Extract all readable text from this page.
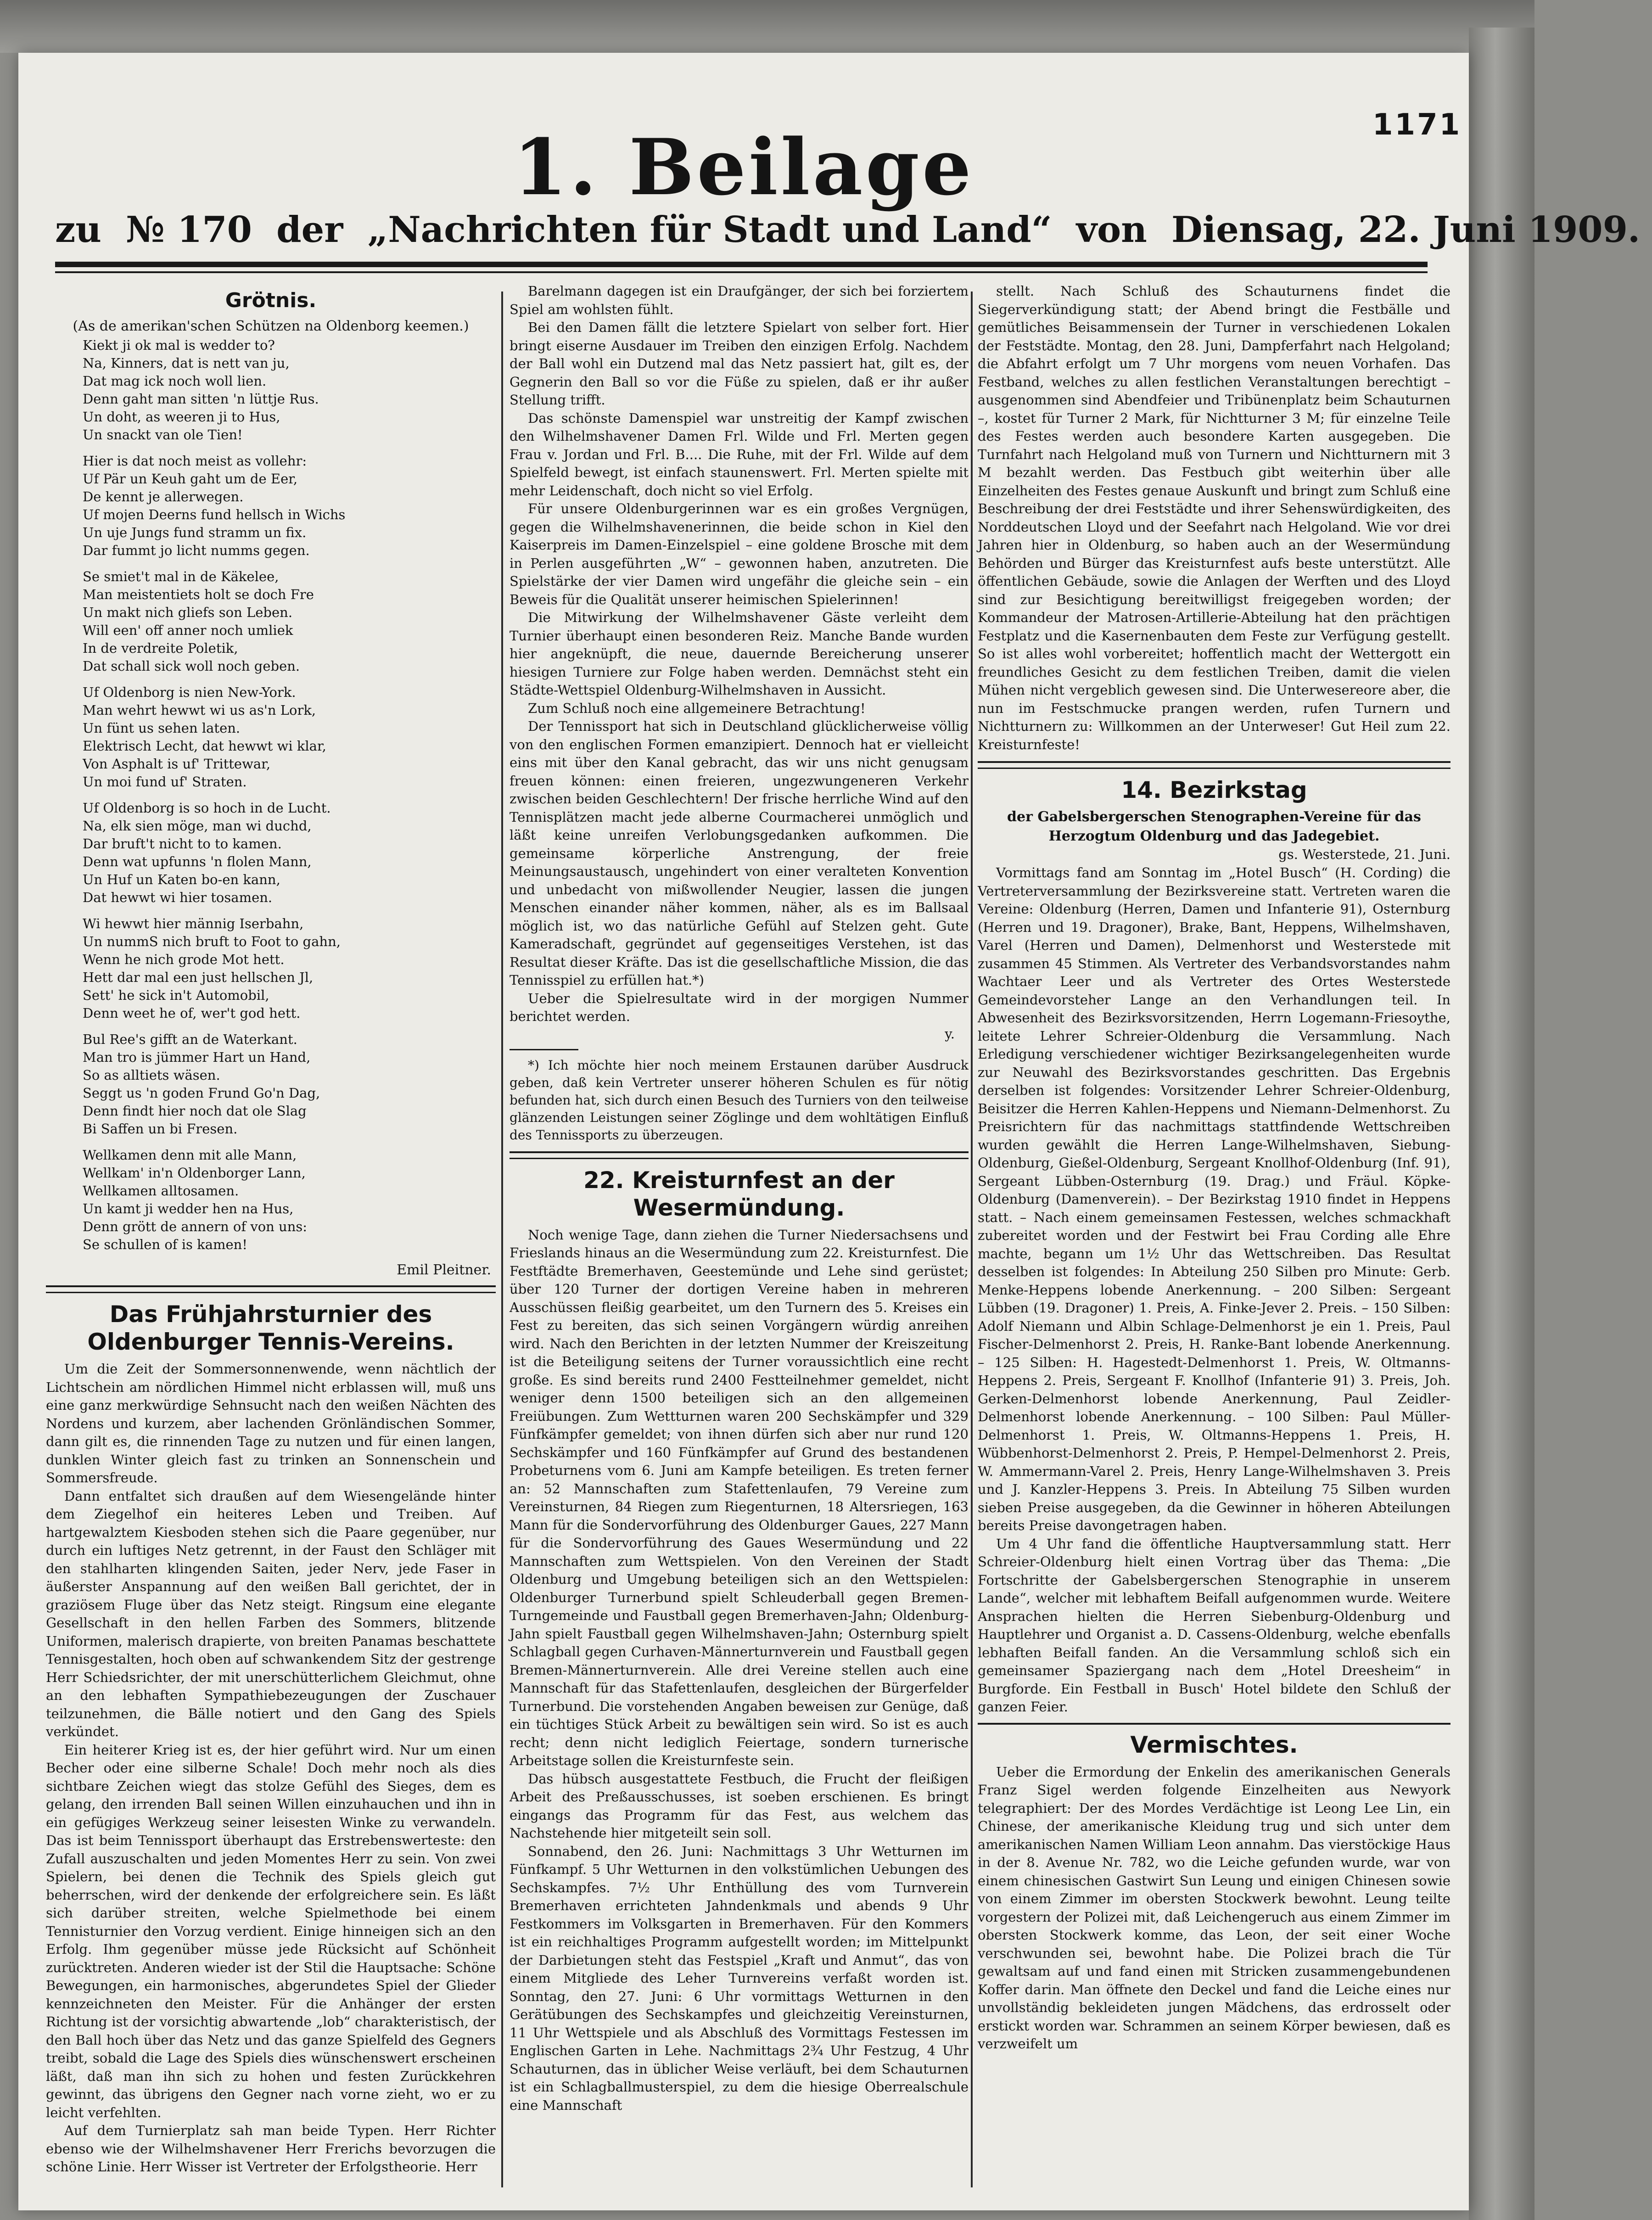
1171
1. Beilage
zu № 170 der „Nachrichten für Stadt und Land“ von Diensag, 22. Juni 1909.
Grötnis.
(As de amerikan'schen Schützen na Oldenborg keemen.)

Kiekt ji ok mal is wedder to?

Na, Kinners, dat is nett van ju,

Dat mag ick noch woll lien.

Denn gaht man sitten 'n lüttje Rus.

Un doht, as weeren ji to Hus,

Un snackt van ole Tien!

Hier is dat noch meist as vollehr:

Uf Pär un Keuh gaht um de Eer,

De kennt je allerwegen.

Uf mojen Deerns fund hellsch in Wichs

Un uje Jungs fund stramm un fix.

Dar fummt jo licht numms gegen.

Se smiet't mal in de Käkelee,

Man meistentiets holt se doch Fre

Un makt nich gliefs son Leben.

Will een' off anner noch umliek

In de verdreite Poletik,

Dat schall sick woll noch geben.

Uf Oldenborg is nien New-York.

Man wehrt hewwt wi us as'n Lork,

Un fünt us sehen laten.

Elektrisch Lecht, dat hewwt wi klar,

Von Asphalt is uf' Trittewar,

Un moi fund uf' Straten.

Uf Oldenborg is so hoch in de Lucht.

Na, elk sien möge, man wi duchd,

Dar bruft't nicht to to kamen.

Denn wat upfunns 'n flolen Mann,

Un Huf un Katen bo-en kann,

Dat hewwt wi hier tosamen.

Wi hewwt hier männig Iserbahn,

Un nummS nich bruft to Foot to gahn,

Wenn he nich grode Mot hett.

Hett dar mal een just hellschen Jl,

Sett' he sick in't Automobil,

Denn weet he of, wer't god hett.

Bul Ree's gifft an de Waterkant.

Man tro is jümmer Hart un Hand,

So as alltiets wäsen.

Seggt us 'n goden Frund Go'n Dag,

Denn findt hier noch dat ole Slag

Bi Saffen un bi Fresen.

Wellkamen denn mit alle Mann,

Wellkam' in'n Oldenborger Lann,

Wellkamen alltosamen.

Un kamt ji wedder hen na Hus,

Denn grött de annern of von uns:

Se schullen of is kamen!

Emil Pleitner.
Das Frühjahrsturnier des Oldenburger Tennis-Vereins.

Um die Zeit der Sommersonnenwende, wenn nächtlich der Lichtschein am nördlichen Himmel nicht erblassen will, muß uns eine ganz merkwürdige Sehnsucht nach den weißen Nächten des Nordens und kurzem, aber lachenden Grönländischen Sommer, dann gilt es, die rinnenden Tage zu nutzen und für einen langen, dunklen Winter gleich fast zu trinken an Sonnenschein und Sommersfreude.

Dann entfaltet sich draußen auf dem Wiesengelände hinter dem Ziegelhof ein heiteres Leben und Treiben. Auf hartgewalztem Kiesboden stehen sich die Paare gegenüber, nur durch ein luftiges Netz getrennt, in der Faust den Schläger mit den stahlharten klingenden Saiten, jeder Nerv, jede Faser in äußerster Anspannung auf den weißen Ball gerichtet, der in graziösem Fluge über das Netz steigt. Ringsum eine elegante Gesellschaft in den hellen Farben des Sommers, blitzende Uniformen, malerisch drapierte, von breiten Panamas beschattete Tennisgestalten, hoch oben auf schwankendem Sitz der gestrenge Herr Schiedsrichter, der mit unerschütterlichem Gleichmut, ohne an den lebhaften Sympathiebezeugungen der Zuschauer teilzunehmen, die Bälle notiert und den Gang des Spiels verkündet.

Ein heiterer Krieg ist es, der hier geführt wird. Nur um einen Becher oder eine silberne Schale! Doch mehr noch als dies sichtbare Zeichen wiegt das stolze Gefühl des Sieges, dem es gelang, den irrenden Ball seinen Willen einzuhauchen und ihn in ein gefügiges Werkzeug seiner leisesten Winke zu verwandeln. Das ist beim Tennissport überhaupt das Erstrebenswerteste: den Zufall auszuschalten und jeden Momentes Herr zu sein. Von zwei Spielern, bei denen die Technik des Spiels gleich gut beherrschen, wird der denkende der erfolgreichere sein. Es läßt sich darüber streiten, welche Spielmethode bei einem Tennisturnier den Vorzug verdient. Einige hinneigen sich an den Erfolg. Ihm gegenüber müsse jede Rücksicht auf Schönheit zurücktreten. Anderen wieder ist der Stil die Hauptsache: Schöne Bewegungen, ein harmonisches, abgerundetes Spiel der Glieder kennzeichneten den Meister. Für die Anhänger der ersten Richtung ist der vorsichtig abwartende „lob“ charakteristisch, der den Ball hoch über das Netz und das ganze Spielfeld des Gegners treibt, sobald die Lage des Spiels dies wünschenswert erscheinen läßt, daß man ihn sich zu hohen und festen Zurückkehren gewinnt, das übrigens den Gegner nach vorne zieht, wo er zu leicht verfehlten.

Auf dem Turnierplatz sah man beide Typen. Herr Richter ebenso wie der Wilhelmshavener Herr Frerichs bevorzugen die schöne Linie. Herr Wisser ist Vertreter der Erfolgstheorie. Herr

Barelmann dagegen ist ein Draufgänger, der sich bei forziertem Spiel am wohlsten fühlt.

Bei den Damen fällt die letztere Spielart von selber fort. Hier bringt eiserne Ausdauer im Treiben den einzigen Erfolg. Nachdem der Ball wohl ein Dutzend mal das Netz passiert hat, gilt es, der Gegnerin den Ball so vor die Füße zu spielen, daß er ihr außer Stellung trifft.

Das schönste Damenspiel war unstreitig der Kampf zwischen den Wilhelmshavener Damen Frl. Wilde und Frl. Merten gegen Frau v. Jordan und Frl. B.... Die Ruhe, mit der Frl. Wilde auf dem Spielfeld bewegt, ist einfach staunenswert. Frl. Merten spielte mit mehr Leidenschaft, doch nicht so viel Erfolg.

Für unsere Oldenburgerinnen war es ein großes Vergnügen, gegen die Wilhelmshavenerinnen, die beide schon in Kiel den Kaiserpreis im Damen-Einzelspiel – eine goldene Brosche mit dem in Perlen ausgeführten „W“ – gewonnen haben, anzutreten. Die Spielstärke der vier Damen wird ungefähr die gleiche sein – ein Beweis für die Qualität unserer heimischen Spielerinnen!

Die Mitwirkung der Wilhelmshavener Gäste verleiht dem Turnier überhaupt einen besonderen Reiz. Manche Bande wurden hier angeknüpft, die neue, dauernde Bereicherung unserer hiesigen Turniere zur Folge haben werden. Demnächst steht ein Städte-Wettspiel Oldenburg-Wilhelmshaven in Aussicht.

Zum Schluß noch eine allgemeinere Betrachtung!

Der Tennissport hat sich in Deutschland glücklicherweise völlig von den englischen Formen emanzipiert. Dennoch hat er vielleicht eins mit über den Kanal gebracht, das wir uns nicht genugsam freuen können: einen freieren, ungezwungeneren Verkehr zwischen beiden Geschlechtern! Der frische herrliche Wind auf den Tennisplätzen macht jede alberne Courmacherei unmöglich und läßt keine unreifen Verlobungsgedanken aufkommen. Die gemeinsame körperliche Anstrengung, der freie Meinungsaustausch, ungehindert von einer veralteten Konvention und unbedacht von mißwollender Neugier, lassen die jungen Menschen einander näher kommen, näher, als es im Ballsaal möglich ist, wo das natürliche Gefühl auf Stelzen geht. Gute Kameradschaft, gegründet auf gegenseitiges Verstehen, ist das Resultat dieser Kräfte. Das ist die gesellschaftliche Mission, die das Tennisspiel zu erfüllen hat.*)

Ueber die Spielresultate wird in der morgigen Nummer berichtet werden.

y.

*) Ich möchte hier noch meinem Erstaunen darüber Ausdruck geben, daß kein Vertreter unserer höheren Schulen es für nötig befunden hat, sich durch einen Besuch des Turniers von den teilweise glänzenden Leistungen seiner Zöglinge und dem wohltätigen Einfluß des Tennissports zu überzeugen.

22. Kreisturnfest an der Wesermündung.

Noch wenige Tage, dann ziehen die Turner Niedersachsens und Frieslands hinaus an die Wesermündung zum 22. Kreisturnfest. Die Festftädte Bremerhaven, Geestemünde und Lehe sind gerüstet; über 120 Turner der dortigen Vereine haben in mehreren Ausschüssen fleißig gearbeitet, um den Turnern des 5. Kreises ein Fest zu bereiten, das sich seinen Vorgängern würdig anreihen wird. Nach den Berichten in der letzten Nummer der Kreiszeitung ist die Beteiligung seitens der Turner voraussichtlich eine recht große. Es sind bereits rund 2400 Festteilnehmer gemeldet, nicht weniger denn 1500 beteiligen sich an den allgemeinen Freiübungen. Zum Wettturnen waren 200 Sechskämpfer und 329 Fünfkämpfer gemeldet; von ihnen dürfen sich aber nur rund 120 Sechskämpfer und 160 Fünfkämpfer auf Grund des bestandenen Probeturnens vom 6. Juni am Kampfe beteiligen. Es treten ferner an: 52 Mannschaften zum Stafettenlaufen, 79 Vereine zum Vereinsturnen, 84 Riegen zum Riegenturnen, 18 Altersriegen, 163 Mann für die Sondervorführung des Oldenburger Gaues, 227 Mann für die Sondervorführung des Gaues Wesermündung und 22 Mannschaften zum Wettspielen. Von den Vereinen der Stadt Oldenburg und Umgebung beteiligen sich an den Wettspielen: Oldenburger Turnerbund spielt Schleuderball gegen Bremen-Turngemeinde und Faustball gegen Bremerhaven-Jahn; Oldenburg-Jahn spielt Faustball gegen Wilhelmshaven-Jahn; Osternburg spielt Schlagball gegen Curhaven-Männerturnverein und Faustball gegen Bremen-Männerturnverein. Alle drei Vereine stellen auch eine Mannschaft für das Stafettenlaufen, desgleichen der Bürgerfelder Turnerbund. Die vorstehenden Angaben beweisen zur Genüge, daß ein tüchtiges Stück Arbeit zu bewältigen sein wird. So ist es auch recht; denn nicht lediglich Feiertage, sondern turnerische Arbeitstage sollen die Kreisturnfeste sein.

Das hübsch ausgestattete Festbuch, die Frucht der fleißigen Arbeit des Preßausschusses, ist soeben erschienen. Es bringt eingangs das Programm für das Fest, aus welchem das Nachstehende hier mitgeteilt sein soll.

Sonnabend, den 26. Juni: Nachmittags 3 Uhr Wetturnen im Fünfkampf. 5 Uhr Wetturnen in den volkstümlichen Uebungen des Sechskampfes. 7½ Uhr Enthüllung des vom Turnverein Bremerhaven errichteten Jahndenkmals und abends 9 Uhr Festkommers im Volksgarten in Bremerhaven. Für den Kommers ist ein reichhaltiges Programm aufgestellt worden; im Mittelpunkt der Darbietungen steht das Festspiel „Kraft und Anmut“, das von einem Mitgliede des Leher Turnvereins verfaßt worden ist. Sonntag, den 27. Juni: 6 Uhr vormittags Wetturnen in den Gerätübungen des Sechskampfes und gleichzeitig Vereinsturnen, 11 Uhr Wettspiele und als Abschluß des Vormittags Festessen im Englischen Garten in Lehe. Nachmittags 2¾ Uhr Festzug, 4 Uhr Schauturnen, das in üblicher Weise verläuft, bei dem Schauturnen ist ein Schlagballmusterspiel, zu dem die hiesige Oberrealschule eine Mannschaft

stellt. Nach Schluß des Schauturnens findet die Siegerverkündigung statt; der Abend bringt die Festbälle und gemütliches Beisammensein der Turner in verschiedenen Lokalen der Feststädte. Montag, den 28. Juni, Dampferfahrt nach Helgoland; die Abfahrt erfolgt um 7 Uhr morgens vom neuen Vorhafen. Das Festband, welches zu allen festlichen Veranstaltungen berechtigt – ausgenommen sind Abendfeier und Tribünenplatz beim Schauturnen –, kostet für Turner 2 Mark, für Nichtturner 3 M; für einzelne Teile des Festes werden auch besondere Karten ausgegeben. Die Turnfahrt nach Helgoland muß von Turnern und Nichtturnern mit 3 M bezahlt werden. Das Festbuch gibt weiterhin über alle Einzelheiten des Festes genaue Auskunft und bringt zum Schluß eine Beschreibung der drei Feststädte und ihrer Sehenswürdigkeiten, des Norddeutschen Lloyd und der Seefahrt nach Helgoland. Wie vor drei Jahren hier in Oldenburg, so haben auch an der Wesermündung Behörden und Bürger das Kreisturnfest aufs beste unterstützt. Alle öffentlichen Gebäude, sowie die Anlagen der Werften und des Lloyd sind zur Besichtigung bereitwilligst freigegeben worden; der Kommandeur der Matrosen-Artillerie-Abteilung hat den prächtigen Festplatz und die Kasernenbauten dem Feste zur Verfügung gestellt. So ist alles wohl vorbereitet; hoffentlich macht der Wettergott ein freundliches Gesicht zu dem festlichen Treiben, damit die vielen Mühen nicht vergeblich gewesen sind. Die Unterwesereore aber, die nun im Festschmucke prangen werden, rufen Turnern und Nichtturnern zu: Willkommen an der Unterweser! Gut Heil zum 22. Kreisturnfeste!

14. Bezirkstag
der Gabelsbergerschen Stenographen-Vereine für das
Herzogtum Oldenburg und das Jadegebiet.
gs. Westerstede, 21. Juni.

Vormittags fand am Sonntag im „Hotel Busch“ (H. Cording) die Vertreterversammlung der Bezirksvereine statt. Vertreten waren die Vereine: Oldenburg (Herren, Damen und Infanterie 91), Osternburg (Herren und 19. Dragoner), Brake, Bant, Heppens, Wilhelmshaven, Varel (Herren und Damen), Delmenhorst und Westerstede mit zusammen 45 Stimmen. Als Vertreter des Verbandsvorstandes nahm Wachtaer Leer und als Vertreter des Ortes Westerstede Gemeindevorsteher Lange an den Verhandlungen teil. In Abwesenheit des Bezirksvorsitzenden, Herrn Logemann-Friesoythe, leitete Lehrer Schreier-Oldenburg die Versammlung. Nach Erledigung verschiedener wichtiger Bezirksangelegenheiten wurde zur Neuwahl des Bezirksvorstandes geschritten. Das Ergebnis derselben ist folgendes: Vorsitzender Lehrer Schreier-Oldenburg, Beisitzer die Herren Kahlen-Heppens und Niemann-Delmenhorst. Zu Preisrichtern für das nachmittags stattfindende Wettschreiben wurden gewählt die Herren Lange-Wilhelmshaven, Siebung-Oldenburg, Gießel-Oldenburg, Sergeant Knollhof-Oldenburg (Inf. 91), Sergeant Lübben-Osternburg (19. Drag.) und Fräul. Köpke-Oldenburg (Damenverein). – Der Bezirkstag 1910 findet in Heppens statt. – Nach einem gemeinsamen Festessen, welches schmackhaft zubereitet worden und der Festwirt bei Frau Cording alle Ehre machte, begann um 1½ Uhr das Wettschreiben. Das Resultat desselben ist folgendes: In Abteilung 250 Silben pro Minute: Gerb. Menke-Heppens lobende Anerkennung. – 200 Silben: Sergeant Lübben (19. Dragoner) 1. Preis, A. Finke-Jever 2. Preis. – 150 Silben: Adolf Niemann und Albin Schlage-Delmenhorst je ein 1. Preis, Paul Fischer-Delmenhorst 2. Preis, H. Ranke-Bant lobende Anerkennung. – 125 Silben: H. Hagestedt-Delmenhorst 1. Preis, W. Oltmanns-Heppens 2. Preis, Sergeant F. Knollhof (Infanterie 91) 3. Preis, Joh. Gerken-Delmenhorst lobende Anerkennung, Paul Zeidler-Delmenhorst lobende Anerkennung. – 100 Silben: Paul Müller-Delmenhorst 1. Preis, W. Oltmanns-Heppens 1. Preis, H. Wübbenhorst-Delmenhorst 2. Preis, P. Hempel-Delmenhorst 2. Preis, W. Ammermann-Varel 2. Preis, Henry Lange-Wilhelmshaven 3. Preis und J. Kanzler-Heppens 3. Preis. In Abteilung 75 Silben wurden sieben Preise ausgegeben, da die Gewinner in höheren Abteilungen bereits Preise davongetragen haben.

Um 4 Uhr fand die öffentliche Hauptversammlung statt. Herr Schreier-Oldenburg hielt einen Vortrag über das Thema: „Die Fortschritte der Gabelsbergerschen Stenographie in unserem Lande“, welcher mit lebhaftem Beifall aufgenommen wurde. Weitere Ansprachen hielten die Herren Siebenburg-Oldenburg und Hauptlehrer und Organist a. D. Cassens-Oldenburg, welche ebenfalls lebhaften Beifall fanden. An die Versammlung schloß sich ein gemeinsamer Spaziergang nach dem „Hotel Dreesheim“ in Burgforde. Ein Festball in Busch' Hotel bildete den Schluß der ganzen Feier.

Vermischtes.

Ueber die Ermordung der Enkelin des amerikanischen Generals Franz Sigel werden folgende Einzelheiten aus Newyork telegraphiert: Der des Mordes Verdächtige ist Leong Lee Lin, ein Chinese, der amerikanische Kleidung trug und sich unter dem amerikanischen Namen William Leon annahm. Das vierstöckige Haus in der 8. Avenue Nr. 782, wo die Leiche gefunden wurde, war von einem chinesischen Gastwirt Sun Leung und einigen Chinesen sowie von einem Zimmer im obersten Stockwerk bewohnt. Leung teilte vorgestern der Polizei mit, daß Leichengeruch aus einem Zimmer im obersten Stockwerk komme, das Leon, der seit einer Woche verschwunden sei, bewohnt habe. Die Polizei brach die Tür gewaltsam auf und fand einen mit Stricken zusammengebundenen Koffer darin. Man öffnete den Deckel und fand die Leiche eines nur unvollständig bekleideten jungen Mädchens, das erdrosselt oder erstickt worden war. Schrammen an seinem Körper bewiesen, daß es verzweifelt um
